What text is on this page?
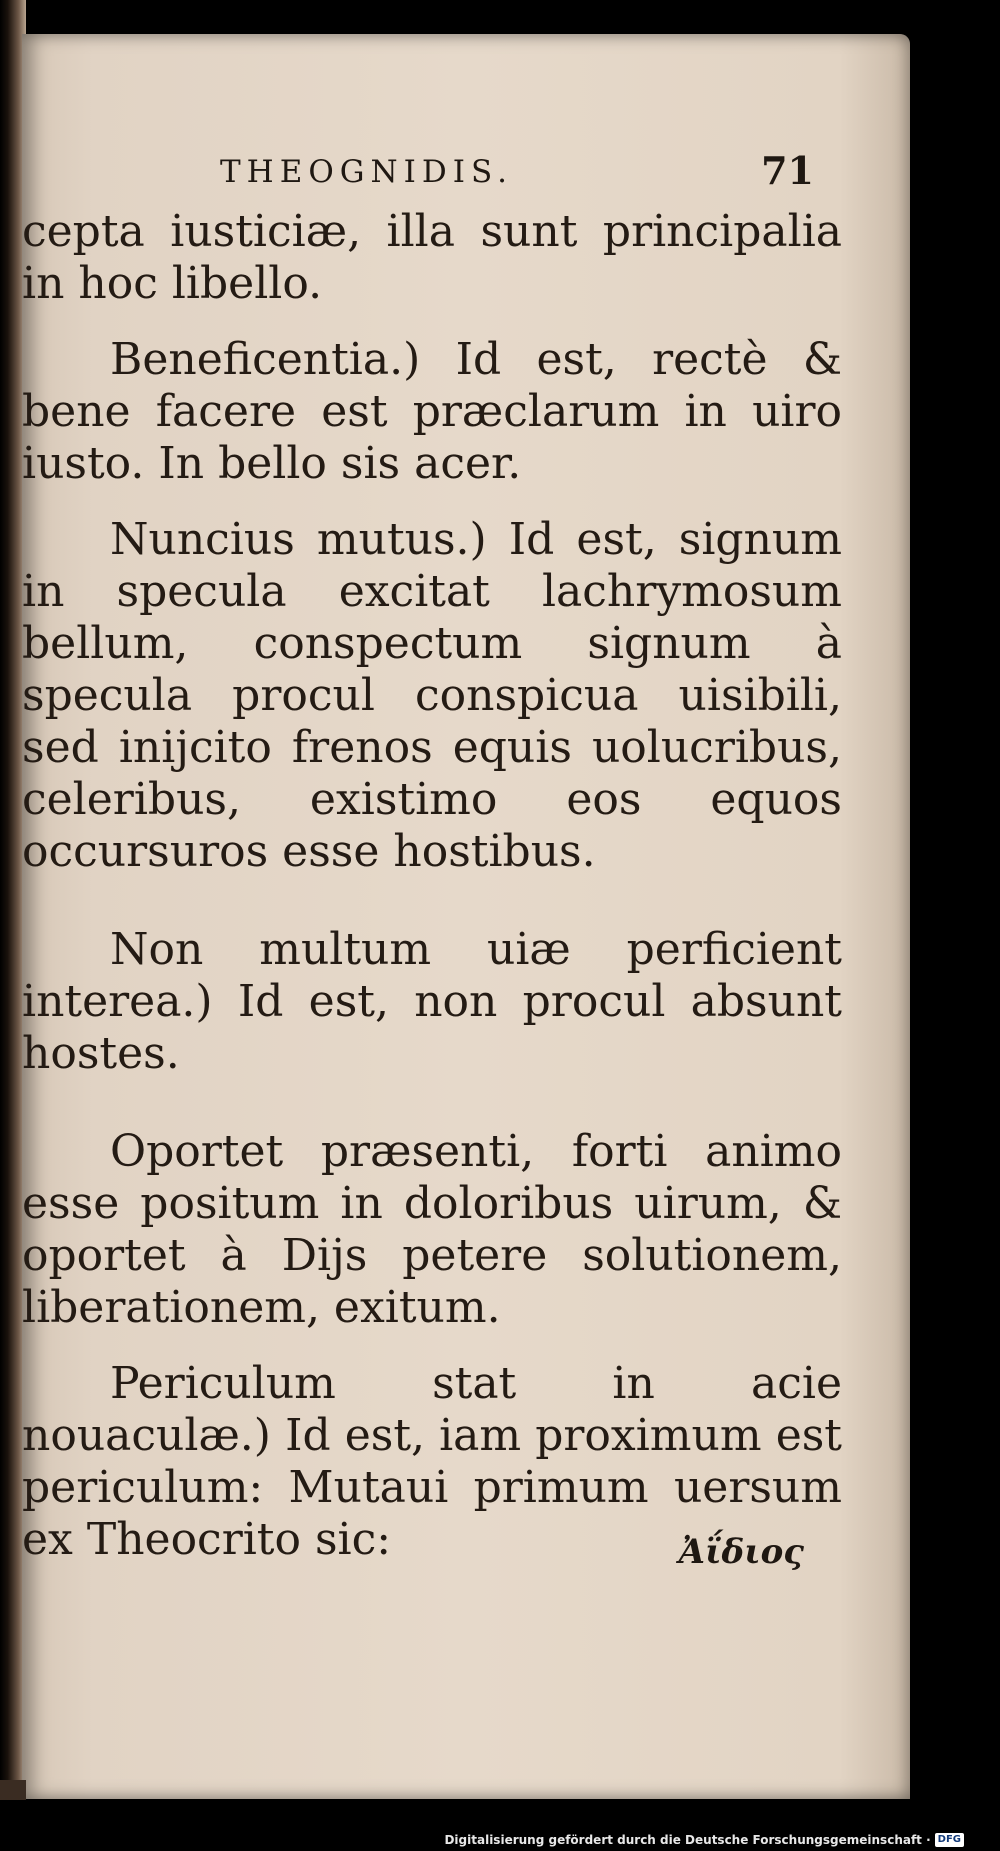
THEOGNIDIS.	71

cepta iusticiæ, illa sunt principalia in hoc libello.

Beneficentia.) Id est, rectè & bene facere est præclarum in uiro iusto. In bello sis acer.

Nuncius mutus.) Id est, signum in specula excitat lachrymosum bellum, conspectum signum à specula procul conspicua uisibili, sed inijcito frenos equis uolucribus, celeribus, existimo eos equos occursuros esse hostibus.

Non multum uiæ perficient interea.) Id est, non procul absunt hostes.

Oportet præsenti, forti animo esse positum in doloribus uirum, & oportet à Dijs petere solutionem, liberationem, exitum.

Periculum stat in acie nouaculæ.) Id est, iam proximum est periculum: Mutaui primum uersum ex Theocrito sic:	Ἀΐδιος
Digitalisierung gefördert durch die Deutsche Forschungsgemeinschaft · DFG
